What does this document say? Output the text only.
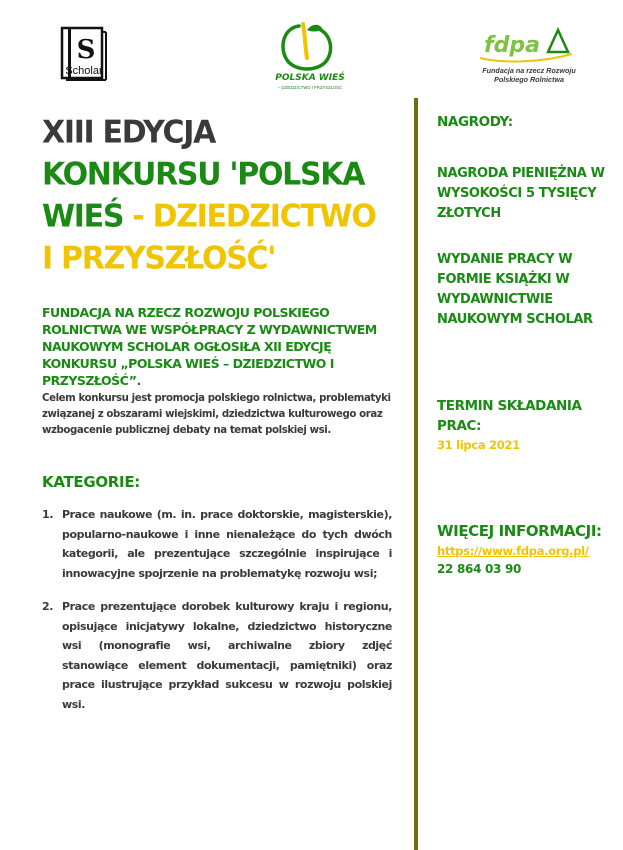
S
Scholar
POLSKA WIEŚ
– DZIEDZICTWO I PRZYSZŁOŚĆ
fdpa
Fundacja na rzecz Rozwoju
Polskiego Rolnictwa
XIII EDYCJA
KONKURSU 'POLSKA WIEŚ - DZIEDZICTWO I PRZYSZŁOŚĆ'

FUNDACJA NA RZECZ ROZWOJU POLSKIEGO ROLNICTWA WE WSPÓŁPRACY Z WYDAWNICTWEM NAUKOWYM SCHOLAR OGŁOSIŁA XII EDYCJĘ KONKURSU „POLSKA WIEŚ – DZIEDZICTWO I PRZYSZŁOŚĆ”.

Celem konkursu jest promocja polskiego rolnictwa, problematyki związanej z obszarami wiejskimi, dziedzictwa kulturowego oraz wzbogacenie publicznej debaty na temat polskiej wsi.

KATEGORIE:
1. Prace naukowe (m. in. prace doktorskie, magisterskie), popularno-naukowe i inne nienależące do tych dwóch kategorii, ale prezentujące szczególnie inspirujące i innowacyjne spojrzenie na problematykę rozwoju wsi;
2. Prace prezentujące dorobek kulturowy kraju i regionu, opisujące inicjatywy lokalne, dziedzictwo historyczne wsi (monografie wsi, archiwalne zbiory zdjęć stanowiące element dokumentacji, pamiętniki) oraz prace ilustrujące przykład sukcesu w rozwoju polskiej wsi.

NAGRODY:

NAGRODA PIENIĘŻNA W WYSOKOŚCI 5 TYSIĘCY ZŁOTYCH

WYDANIE PRACY W FORMIE KSIĄŻKI W WYDAWNICTWIE NAUKOWYM SCHOLAR

TERMIN SKŁADANIA PRAC:

31 lipca 2021

WIĘCEJ INFORMACJI:

https://www.fdpa.org.pl/

22 864 03 90
